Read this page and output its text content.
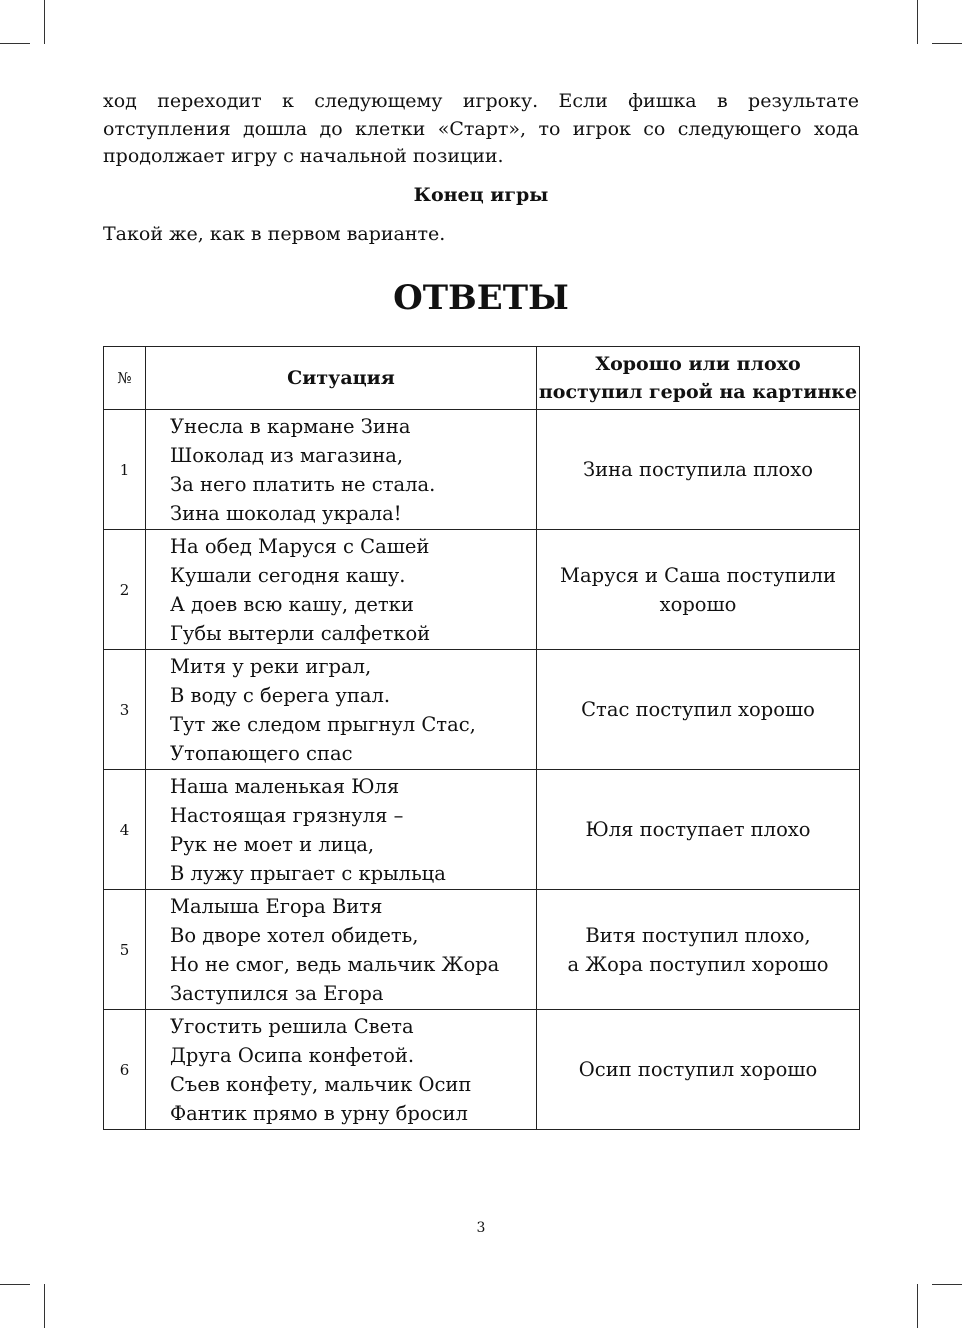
ход переходит к следующему игроку. Если фишка в результате отступления дошла до клетки «Старт», то игрок со следующего хода продолжает игру с начальной позиции.

Конец игры

Такой же, как в первом варианте.

ОТВЕТЫ
№	Ситуация	Хорошо или плохо
поступил герой на картинке

1	Унесла в кармане Зина
Шоколад из магазина,
За него платить не стала.
Зина шоколад украла!	Зина поступила плохо

2	На обед Маруся с Сашей
Кушали сегодня кашу.
А доев всю кашу, детки
Губы вытерли салфеткой	Маруся и Саша поступили
хорошо

3	Митя у реки играл,
В воду с берега упал.
Тут же следом прыгнул Стас,
Утопающего спас	Стас поступил хорошо

4	Наша маленькая Юля
Настоящая грязнуля –
Рук не моет и лица,
В лужу прыгает с крыльца	Юля поступает плохо

5	Малыша Егора Витя
Во дворе хотел обидеть,
Но не смог, ведь мальчик Жора
Заступился за Егора	Витя поступил плохо,
а Жора поступил хорошо

6	Угостить решила Света
Друга Осипа конфетой.
Съев конфету, мальчик Осип
Фантик прямо в урну бросил	Осип поступил хорошо

3
